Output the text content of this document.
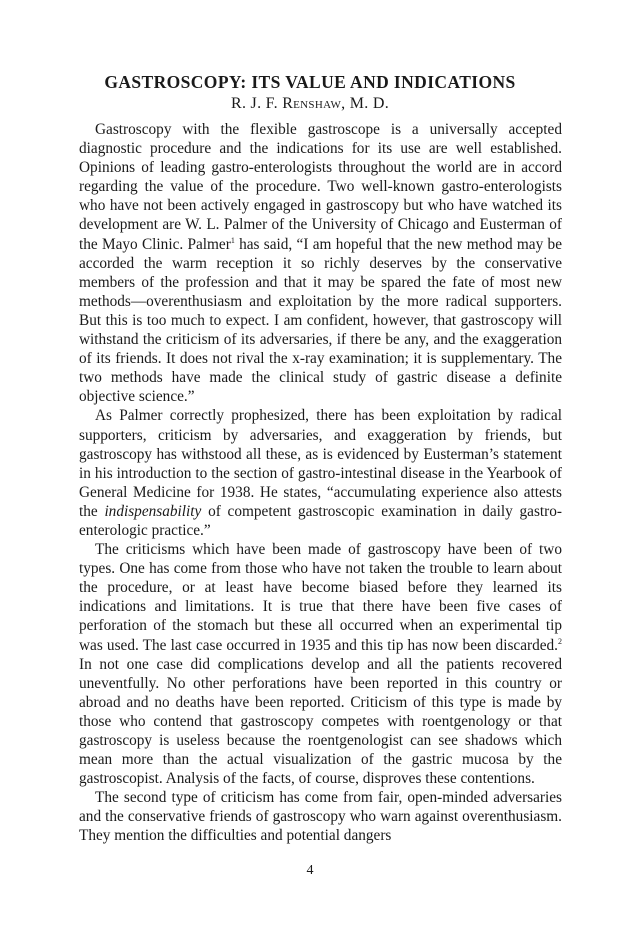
GASTROSCOPY: ITS VALUE AND INDICATIONS
R. J. F. Renshaw, M. D.

Gastroscopy with the flexible gastroscope is a universally accepted diagnostic procedure and the indications for its use are well established. Opinions of leading gastro-enterologists throughout the world are in accord regarding the value of the procedure. Two well-known gastro-enterologists who have not been actively engaged in gastroscopy but who have watched its development are W. L. Palmer of the University of Chicago and Eusterman of the Mayo Clinic. Palmer$^1$ has said, “I am hopeful that the new method may be accorded the warm reception it so richly deserves by the conservative members of the profession and that it may be spared the fate of most new methods—overenthusiasm and exploitation by the more radical supporters. But this is too much to expect. I am confident, however, that gastroscopy will withstand the criticism of its adversaries, if there be any, and the exaggeration of its friends. It does not rival the x-ray examination; it is supplementary. The two methods have made the clinical study of gastric disease a definite objective science.”

As Palmer correctly prophesized, there has been exploitation by radical supporters, criticism by adversaries, and exaggeration by friends, but gastroscopy has withstood all these, as is evidenced by Eusterman’s statement in his introduction to the section of gastro-intestinal disease in the Yearbook of General Medicine for 1938. He states, “accumulating experience also attests the indispensability of competent gastroscopic examination in daily gastro-enterologic practice.”

The criticisms which have been made of gastroscopy have been of two types. One has come from those who have not taken the trouble to learn about the procedure, or at least have become biased before they learned its indications and limitations. It is true that there have been five cases of perforation of the stomach but these all occurred when an experimental tip was used. The last case occurred in 1935 and this tip has now been discarded.$^2$ In not one case did complications develop and all the patients recovered uneventfully. No other perforations have been reported in this country or abroad and no deaths have been reported. Criticism of this type is made by those who contend that gastroscopy competes with roentgenology or that gastroscopy is useless because the roentgenologist can see shadows which mean more than the actual visualization of the gastric mucosa by the gastroscopist. Analysis of the facts, of course, disproves these contentions.

The second type of criticism has come from fair, open-minded adversaries and the conservative friends of gastroscopy who warn against overenthusiasm. They mention the difficulties and potential dangers

4
